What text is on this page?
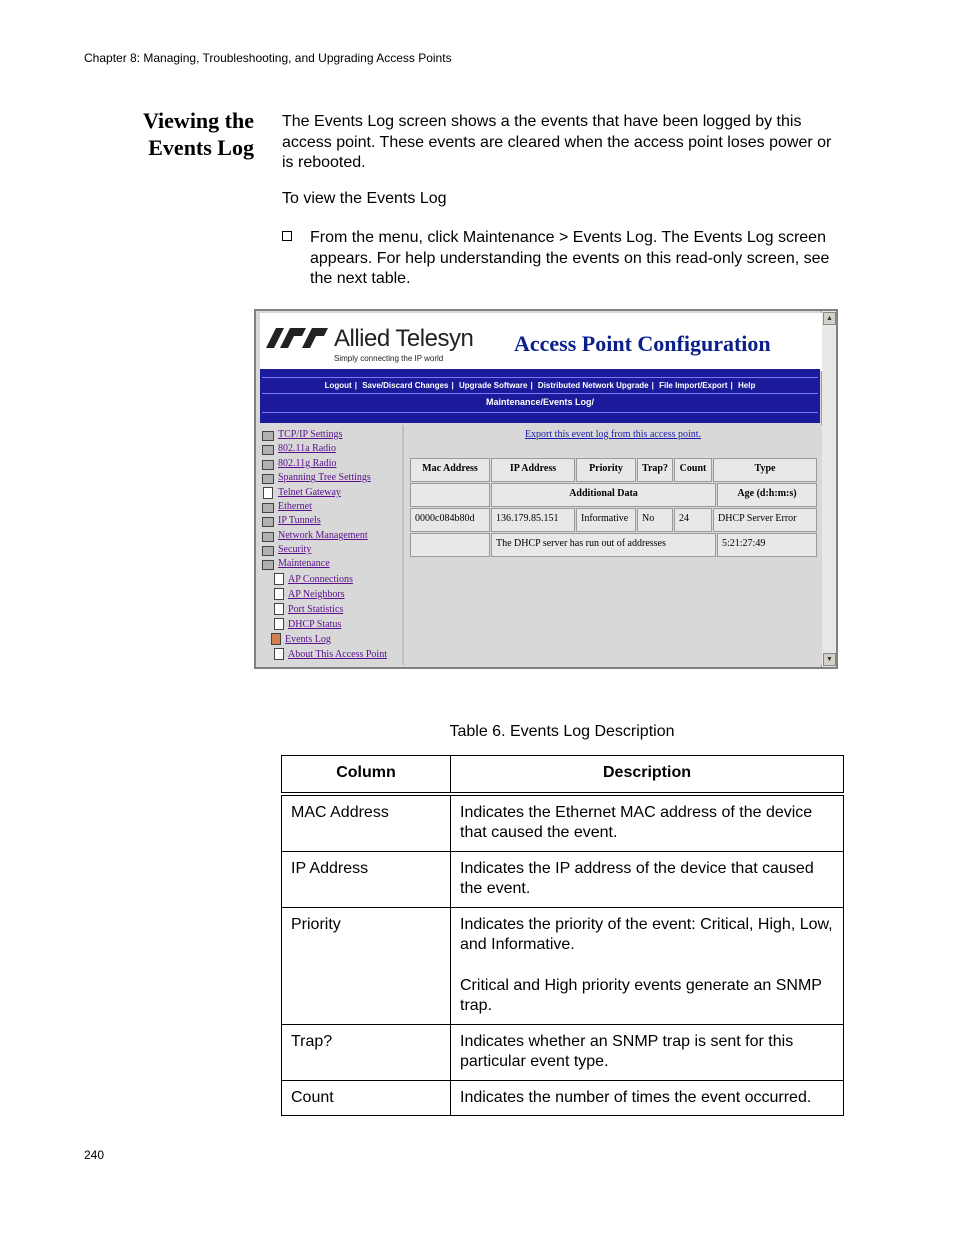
Chapter 8: Managing, Troubleshooting, and Upgrading Access Points
Viewing the
Events Log
The Events Log screen shows a the events that have been logged by this access point. These events are cleared when the access point loses power or is rebooted.
To view the Events Log
From the menu, click Maintenance > Events Log. The Events Log screen appears. For help understanding the events on this read-only screen, see the next table.
▲
▼
Allied Telesyn
Simply connecting the IP world
Access Point Configuration
Logout | Save/Discard Changes | Upgrade Software | Distributed Network Upgrade | File Import/Export | Help
Maintenance/Events Log/
TCP/IP Settings
802.11a Radio
802.11g Radio
Spanning Tree Settings
Telnet Gateway
Ethernet
IP Tunnels
Network Management
Security
Maintenance
AP Connections
AP Neighbors
Port Statistics
DHCP Status
Events Log
About This Access Point
Export this event log from this access point.
Mac Address	IP Address	Priority	Trap?	Count	Type
Additional Data	Age (d:h:m:s)
0000c084b80d	136.179.85.151	Informative	No	24	DHCP Server Error
The DHCP server has run out of addresses	5:21:27:49
Table 6. Events Log Description
Column	Description
MAC Address	Indicates the Ethernet MAC address of the device that caused the event.

IP Address	Indicates the IP address of the device that caused the event.

Priority	Indicates the priority of the event: Critical, High, Low, and Informative.

Critical and High priority events generate an SNMP trap.

Trap?	Indicates whether an SNMP trap is sent for this particular event type.

Count	Indicates the number of times the event occurred.

240
